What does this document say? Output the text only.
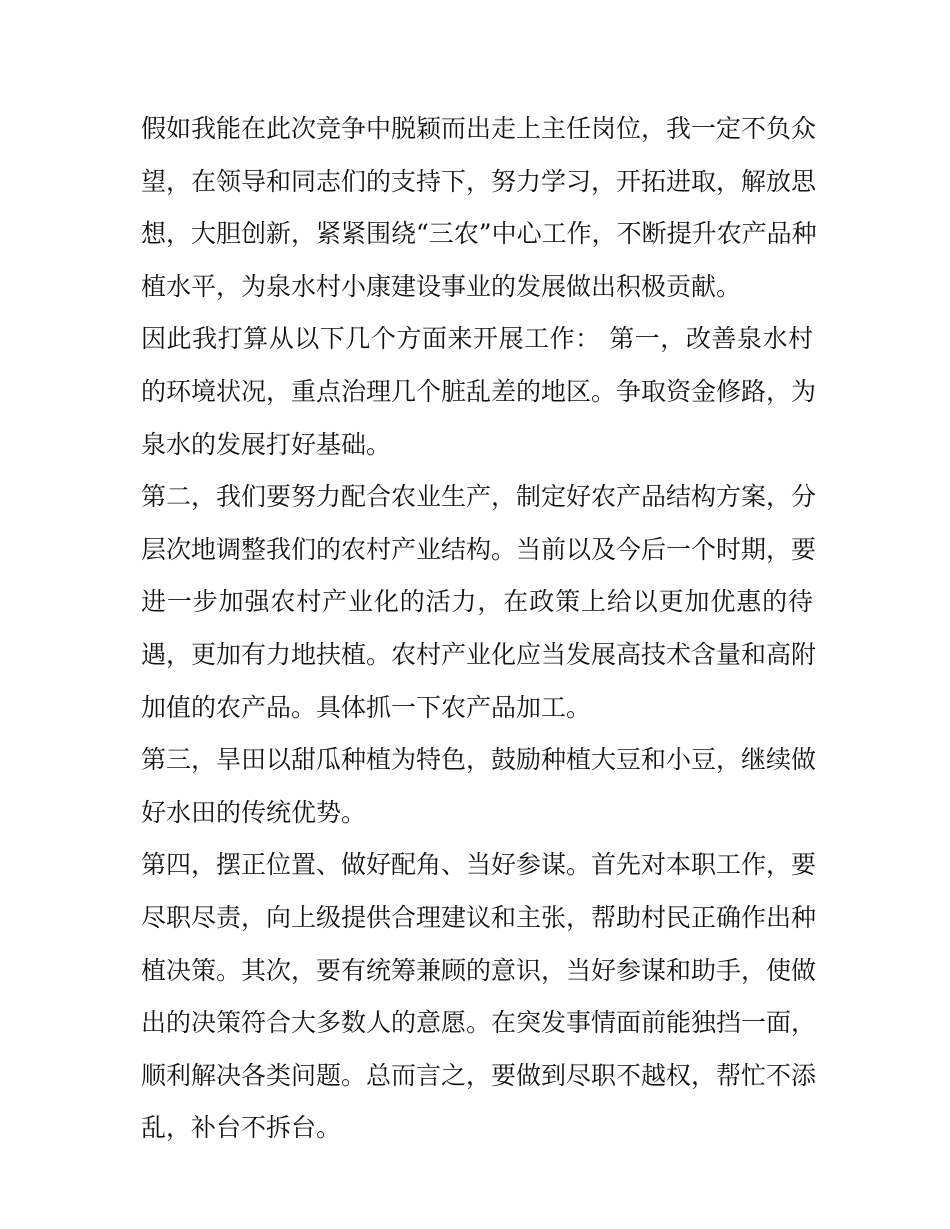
假如我能在此次竞争中脱颖而出走上主任岗位，我一定不负众
望，在领导和同志们的支持下，努力学习，开拓进取，解放思
想，大胆创新，紧紧围绕“三农”中心工作，不断提升农产品种
植水平，为泉水村小康建设事业的发展做出积极贡献。
因此我打算从以下几个方面来开展工作： 第一，改善泉水村
的环境状况，重点治理几个脏乱差的地区。争取资金修路，为
泉水的发展打好基础。
第二，我们要努力配合农业生产，制定好农产品结构方案，分
层次地调整我们的农村产业结构。当前以及今后一个时期，要
进一步加强农村产业化的活力，在政策上给以更加优惠的待
遇，更加有力地扶植。农村产业化应当发展高技术含量和高附
加值的农产品。具体抓一下农产品加工。
第三，旱田以甜瓜种植为特色，鼓励种植大豆和小豆，继续做
好水田的传统优势。
第四，摆正位置、做好配角、当好参谋。首先对本职工作，要
尽职尽责，向上级提供合理建议和主张，帮助村民正确作出种
植决策。其次，要有统筹兼顾的意识，当好参谋和助手，使做
出的决策符合大多数人的意愿。在突发事情面前能独挡一面，
顺利解决各类问题。总而言之，要做到尽职不越权，帮忙不添
乱，补台不拆台。
